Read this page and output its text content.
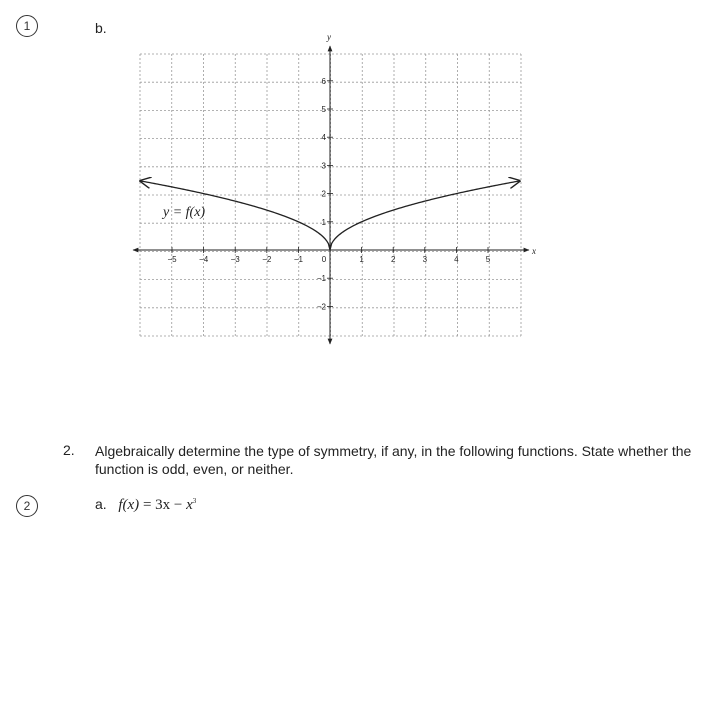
1	b.
x
y
−5	−4	−3	−2	−1 0	1	2	3	4	5
−2
−1
1
2
3
4
5
6
y = f(x)
2. Algebraically determine the type of symmetry, if any, in the following functions. State whether the function is odd, even, or neither.
2	a. $f(x) = 3x - x^3$
